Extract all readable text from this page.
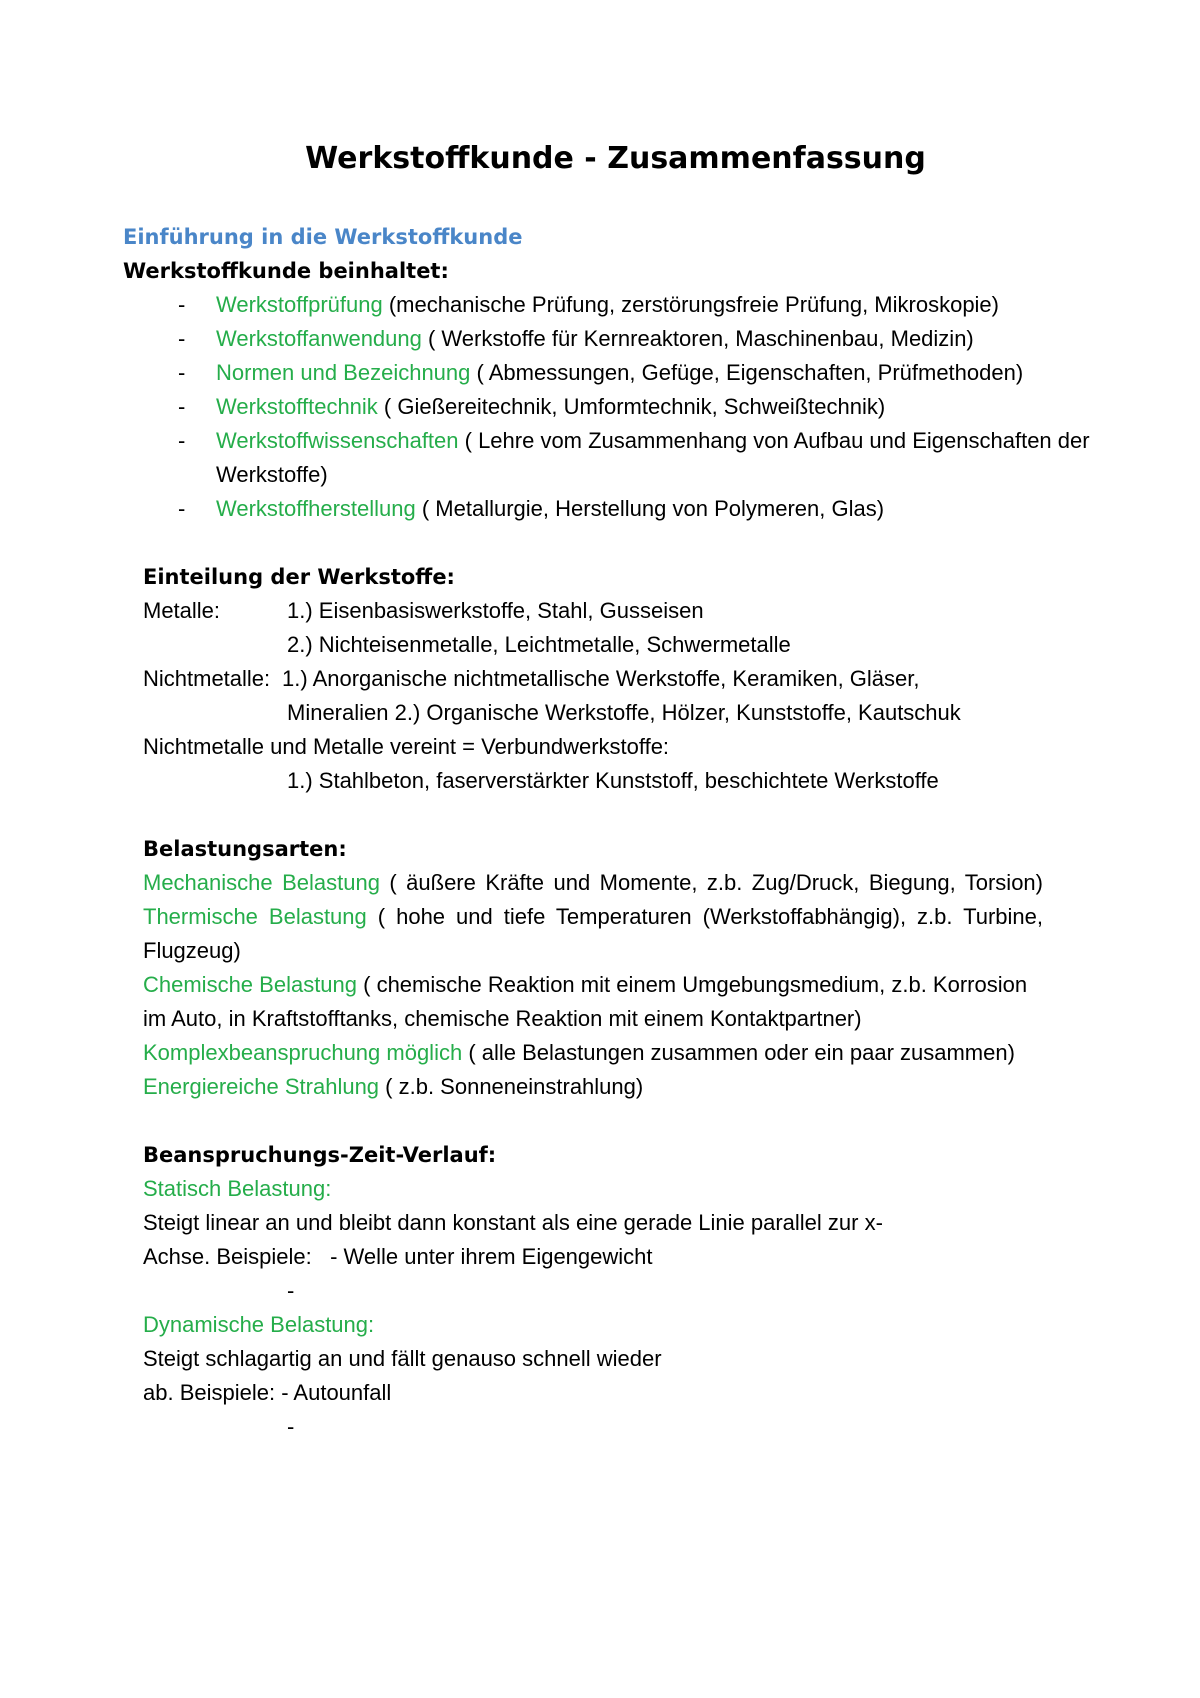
Werkstoffkunde - Zusammenfassung
Einführung in die Werkstoffkunde
Werkstoffkunde beinhaltet:
- Werkstoffprüfung (mechanische Prüfung, zerstörungsfreie Prüfung, Mikroskopie)
- Werkstoffanwendung ( Werkstoffe für Kernreaktoren, Maschinenbau, Medizin)
- Normen und Bezeichnung ( Abmessungen, Gefüge, Eigenschaften, Prüfmethoden)
- Werkstofftechnik ( Gießereitechnik, Umformtechnik, Schweißtechnik)
- Werkstoffwissenschaften ( Lehre vom Zusammenhang von Aufbau und Eigenschaften der Werkstoffe)
- Werkstoffherstellung ( Metallurgie, Herstellung von Polymeren, Glas)
Einteilung der Werkstoffe:
Metalle:	1.) Eisenbasiswerkstoffe, Stahl, Gusseisen
2.) Nichteisenmetalle, Leichtmetalle, Schwermetalle
Nichtmetalle: 1.) Anorganische nichtmetallische Werkstoffe, Keramiken, Gläser,
Mineralien 2.) Organische Werkstoffe, Hölzer, Kunststoffe, Kautschuk
Nichtmetalle und Metalle vereint = Verbundwerkstoffe:
1.) Stahlbeton, faserverstärkter Kunststoff, beschichtete Werkstoffe
Belastungsarten:
Mechanische Belastung ( äußere Kräfte und Momente, z.b. Zug/Druck, Biegung, Torsion) Thermische Belastung ( hohe und tiefe Temperaturen (Werkstoffabhängig), z.b. Turbine, Flugzeug)
Chemische Belastung ( chemische Reaktion mit einem Umgebungsmedium, z.b. Korrosion im Auto, in Kraftstofftanks, chemische Reaktion mit einem Kontaktpartner)
Komplexbeanspruchung möglich ( alle Belastungen zusammen oder ein paar zusammen)
Energiereiche Strahlung ( z.b. Sonneneinstrahlung)
Beanspruchungs-Zeit-Verlauf:
Statisch Belastung:
Steigt linear an und bleibt dann konstant als eine gerade Linie parallel zur x-
Achse. Beispiele:   - Welle unter ihrem Eigengewicht
-
Dynamische Belastung:
Steigt schlagartig an und fällt genauso schnell wieder
ab. Beispiele: - Autounfall
-
